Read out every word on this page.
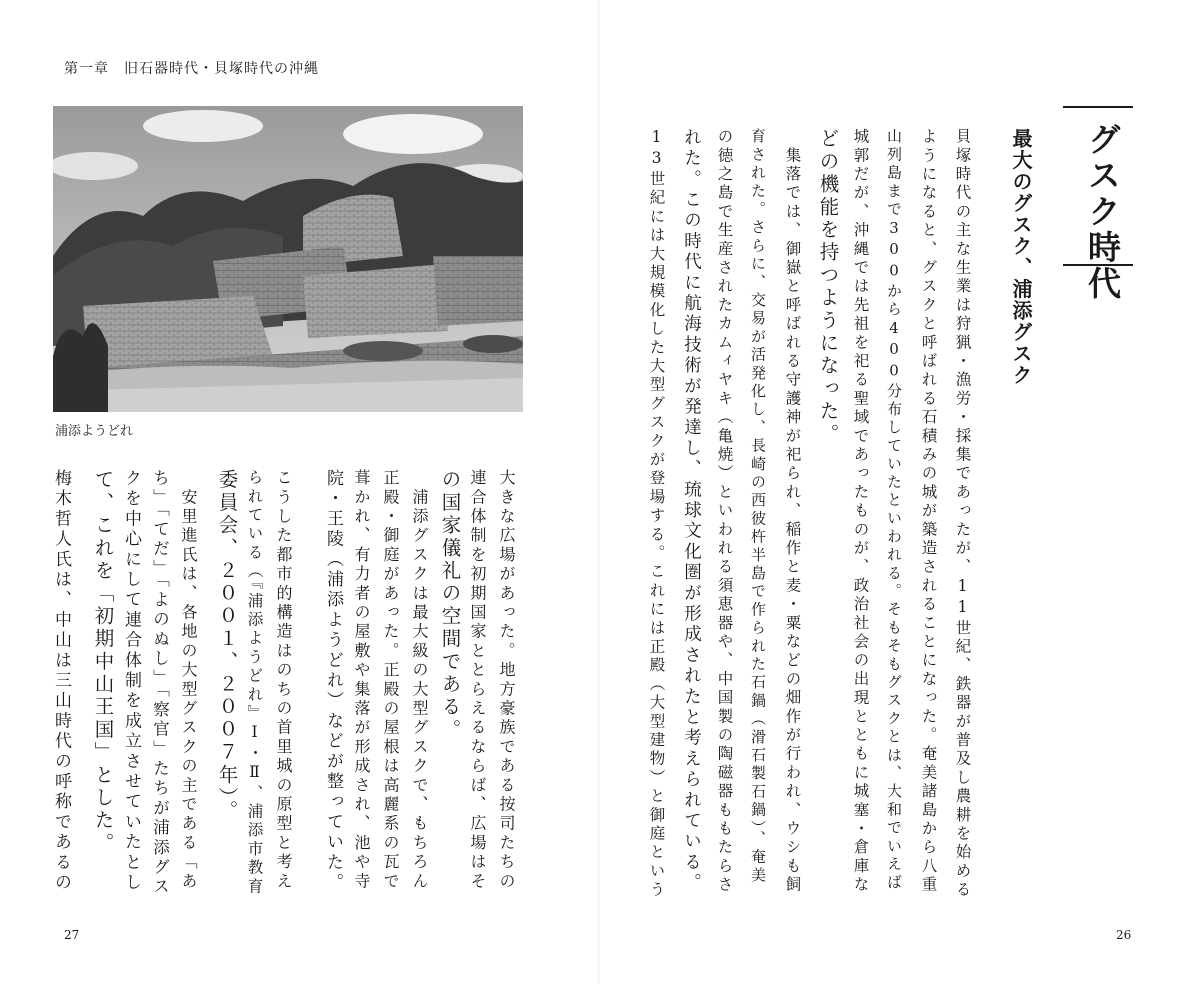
第一章　旧石器時代・貝塚時代の沖縄
浦添ようどれ
大きな広場があった。地方豪族である按司たちの
連合体制を初期国家ととらえるならば、広場はそ
の国家儀礼の空間である。
　浦添グスクは最大級の大型グスクで、もちろん
正殿・御庭があった。正殿の屋根は高麗系の瓦で
葺かれ、有力者の屋敷や集落が形成され、池や寺
院・王陵（浦添ようどれ）などが整っていた。
こうした都市的構造はのちの首里城の原型と考え
られている（『浦添ようどれ』Ⅰ・Ⅱ、浦添市教育
委員会、２００１、２００７年）。
　安里進氏は、各地の大型グスクの主である「あ
ち」「てだ」「よのぬし」「察官」たちが浦添グス
クを中心にして連合体制を成立させていたとし
て、これを「初期中山王国」とした。
梅木哲人氏は、中山は三山時代の呼称であるの
27
グスク時代
最大のグスク、浦添グスク
貝塚時代の主な生業は狩猟・漁労・採集であったが、11世紀、鉄器が普及し農耕を始める
ようになると、グスクと呼ばれる石積みの城が築造されることになった。奄美諸島から八重
山列島まで300から400分布していたといわれる。そもそもグスクとは、大和でいえば
城郭だが、沖縄では先祖を祀る聖域であったものが、政治社会の出現とともに城塞・倉庫な
どの機能を持つようになった。
　集落では、御嶽と呼ばれる守護神が祀られ、稲作と麦・粟などの畑作が行われ、ウシも飼
育された。さらに、交易が活発化し、長崎の西彼杵半島で作られた石鍋（滑石製石鍋）、奄美
の徳之島で生産されたカムィヤキ（亀焼）といわれる須恵器や、中国製の陶磁器ももたらさ
れた。この時代に航海技術が発達し、琉球文化圏が形成されたと考えられている。
13世紀には大規模化した大型グスクが登場する。これには正殿（大型建物）と御庭という
26
